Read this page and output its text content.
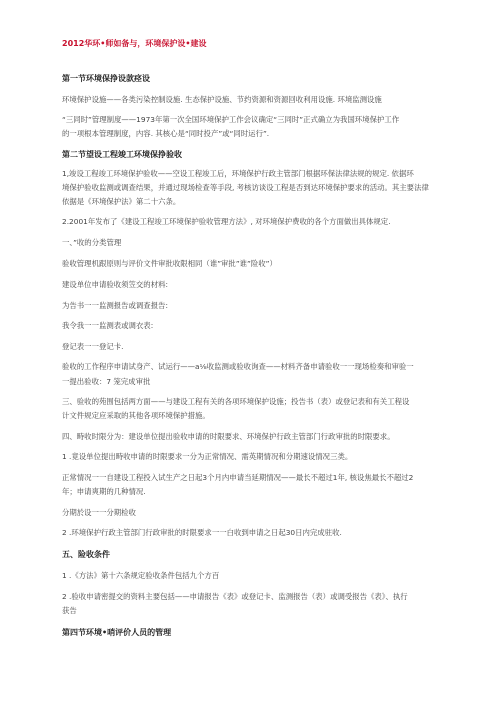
2012华环•师如备与，环境保护设•建设
第一节环境保挣设款痉设
环境保护设施——各类污染控制设施. 生态保护设施、节约资源和资源回收利用设施. 环境监测设施
“三同时”管理制度——1973年第一次全国环境保护工作会议确定“三同时”正式确立为我国环境保护工作
的一项根本管理制度，内容. 其核心是“同时投产”或“同时运行”.
第二节望设工程竣工环境保挣验收
1,竣设工程竣工环境保护验收——空设工程竣工后，环境保护行政主管部门根据环保法律法规的规定. 依据环
境保护验收监测或调查结果，并通过现场检查等手段, 考核访谈设工程是否到达环境保护要求的活动。其主要法律
依据是《环境保护法》第二十六条。
2.2001年发布了《建设工程竣工环境保护验收管理方法》, 对环境保护费收的各个方面做出具体规定.
一、”收的分类管理
验收管理机跟原则与评价文件审批收限相同（谁”审批”谁”险收”）
建设单位申请验收须笠交的材料:
为告书一一监测报告或调查报告:
我令我一一监测表或调衣表:
登记表一一登记卡.
验收的工作程序申请试身产、试运行——a⅛收监测或验收询查——材料齐备申请验收一一现场检奏和审验一
一提出验收：7 笼完成审批
三、验收的苑围包括两方面——与建设工程有关的各项环境保护设施；投告书（表）或登记表和有关工程设
计文件规定应采取的其他各项环境保护措施。
四、畤收时限分为：建设单位提出验收申请的时限要求、环境保护行政主管部门行政审批的时限要求。
1 .竟设单位提出畤收申请的时限要求一分为正常情况、需英期情况和分期速设情况三类。
正常情况一一自建设工程投入试生产之日起3个月内申请当延期情况——最长不超过1年, 核设焦最长不超过2
年；申请爽期的几种情况.
分期於设一一分期检收
2 .环境保护行政主管部门行政审批的时限要求一一白收到申请之日起30日内完成驻收.
五、险收条件
1 .《方法》第十六条规定验收条件包括九个方百
2 .验收申请密提交的资料主要包括——申请报告《表》或登记卡、监测报告（表）或调受报告《表》、执行
获告
第四节环境•哨评价人员的管理
